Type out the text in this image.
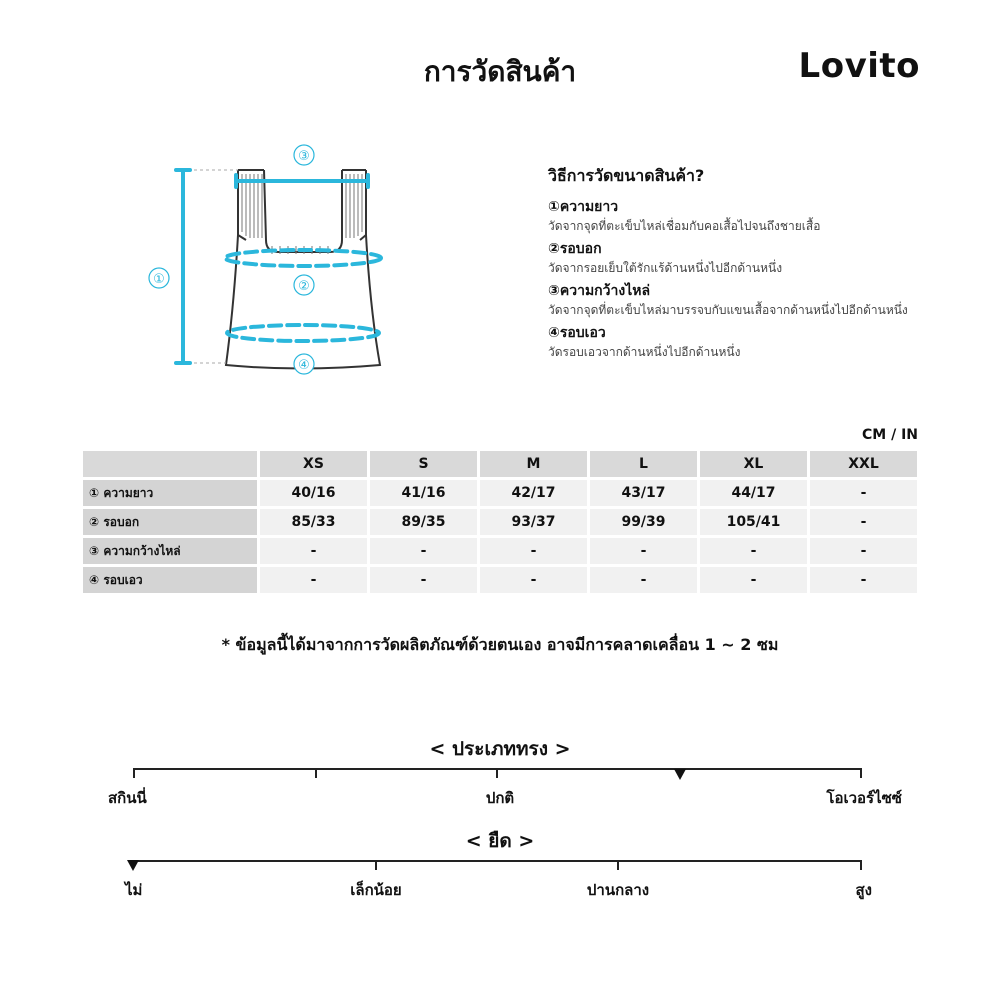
การวัดสินค้า	Lovito
③
①	②
④
วิธีการวัดขนาดสินค้า?
①ความยาว
วัดจากจุดที่ตะเข็บไหล่เชื่อมกับคอเสื้อไปจนถึงชายเสื้อ
②รอบอก
วัดจากรอยเย็บใต้รักแร้ด้านหนึ่งไปอีกด้านหนึ่ง
③ความกว้างไหล่
วัดจากจุดที่ตะเข็บไหล่มาบรรจบกับแขนเสื้อจากด้านหนึ่งไปอีกด้านหนึ่ง
④รอบเอว
วัดรอบเอวจากด้านหนึ่งไปอีกด้านหนึ่ง
CM / IN
	XS	S	M	L	XL	XXL
① ความยาว	40/16	41/16	42/17	43/17	44/17	-
② รอบอก	85/33	89/35	93/37	99/39	105/41	-
③ ความกว้างไหล่	-	-	-	-	-	-
④ รอบเอว	-	-	-	-	-	-
* ข้อมูลนี้ได้มาจากการวัดผลิตภัณฑ์ด้วยตนเอง อาจมีการคลาดเคลื่อน 1 ~ 2 ซม
< ประเภททรง >
สกินนี่	ปกติ	โอเวอร์ไซซ์
< ยืด >
ไม่	เล็กน้อย	ปานกลาง	สูง
